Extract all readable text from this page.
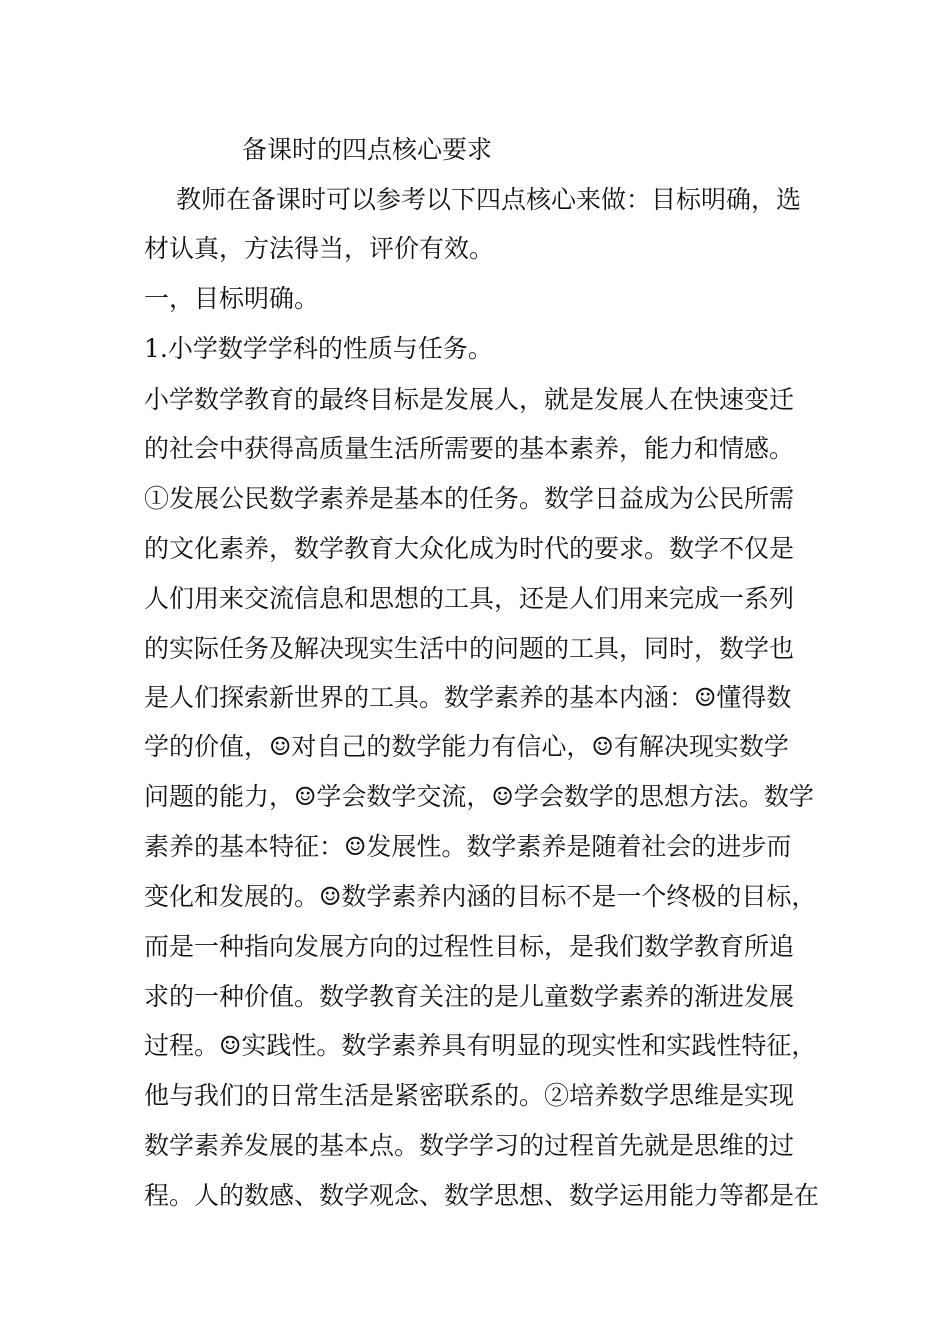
备课时的四点核心要求
教师在备课时可以参考以下四点核心来做：目标明确，选
材认真，方法得当，评价有效。
一，目标明确。
1.小学数学学科的性质与任务。
小学数学教育的最终目标是发展人，就是发展人在快速变迁
的社会中获得高质量生活所需要的基本素养，能力和情感。
①发展公民数学素养是基本的任务。数学日益成为公民所需
的文化素养，数学教育大众化成为时代的要求。数学不仅是
人们用来交流信息和思想的工具，还是人们用来完成一系列
的实际任务及解决现实生活中的问题的工具，同时，数学也
是人们探索新世界的工具。数学素养的基本内涵：☺懂得数
学的价值，☺对自己的数学能力有信心，☺有解决现实数学
问题的能力，☺学会数学交流，☺学会数学的思想方法。数学
素养的基本特征：☺发展性。数学素养是随着社会的进步而
变化和发展的。☺数学素养内涵的目标不是一个终极的目标，
而是一种指向发展方向的过程性目标，是我们数学教育所追
求的一种价值。数学教育关注的是儿童数学素养的渐进发展
过程。☺实践性。数学素养具有明显的现实性和实践性特征，
他与我们的日常生活是紧密联系的。②培养数学思维是实现
数学素养发展的基本点。数学学习的过程首先就是思维的过
程。人的数感、数学观念、数学思想、数学运用能力等都是在
